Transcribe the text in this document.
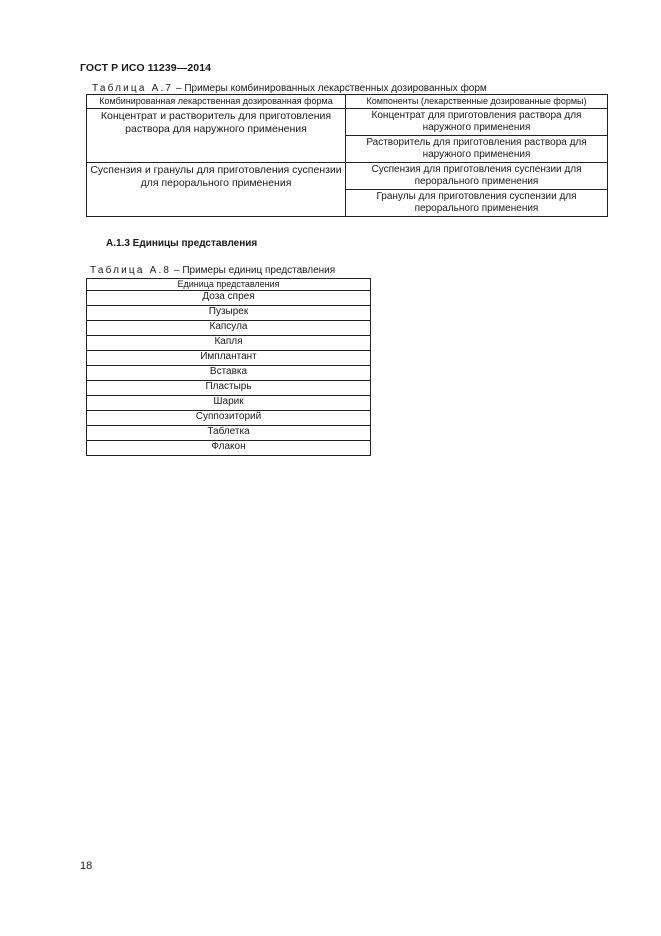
ГОСТ Р ИСО 11239—2014
Таблица А.7 – Примеры комбинированных лекарственных дозированных форм
Комбинированная лекарственная дозированная форма	Компоненты (лекарственные дозированные формы)
Концентрат и растворитель для приготовления раствора для наружного применения	Концентрат для приготовления раствора для наружного применения
	Растворитель для приготовления раствора для наружного применения
Суспензия и гранулы для приготовления суспензии для перорального применения	Суспензия для приготовления суспензии для перорального применения
	Гранулы для приготовления суспензии для перорального применения
А.1.3 Единицы представления
Таблица А.8 – Примеры единиц представления
Единица представления
Доза спрея
Пузырек
Капсула
Капля
Имплантант
Вставка
Пластырь
Шарик
Суппозиторий
Таблетка
Флакон
18
